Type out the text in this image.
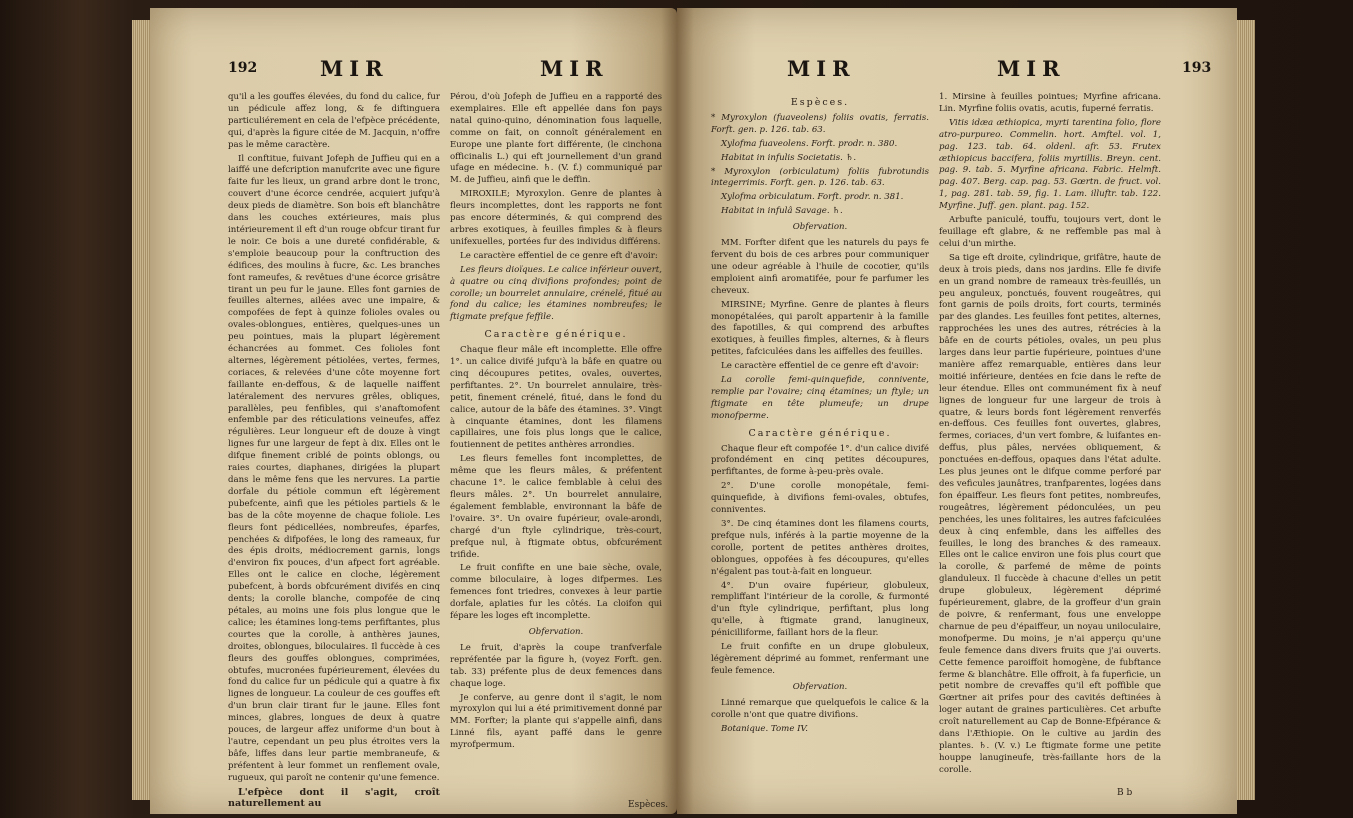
192	MIR	MIR

qu'il a les gouffes élevées, du fond du calice, fur un pédicule affez long, & fe diftinguera particuliérement en cela de l'efpèce précédente, qui, d'après la figure citée de M. Jacquin, n'offre pas le même caractère.

Il conftitue, fuivant Jofeph de Juffieu qui en a laiffé une defcription manufcrite avec une figure faite fur les lieux, un grand arbre dont le tronc, couvert d'une écorce cendrée, acquiert jufqu'à deux pieds de diamètre. Son bois eft blanchâtre dans les couches extérieures, mais plus intérieurement il eft d'un rouge obfcur tirant fur le noir. Ce bois a une dureté confidérable, & s'emploie beaucoup pour la conftruction des édifices, des moulins à fucre, &c. Les branches font rameufes, & revêtues d'une écorce grisâtre tirant un peu fur le jaune. Elles font garnies de feuilles alternes, ailées avec une impaire, & compofées de fept à quinze folioles ovales ou ovales-oblongues, entières, quelques-unes un peu pointues, mais la plupart légèrement échancrées au fommet. Ces folioles font alternes, légèrement pétiolées, vertes, fermes, coriaces, & relevées d'une côte moyenne fort faillante en-deffous, & de laquelle naiffent latéralement des nervures grêles, obliques, parallèles, peu fenfibles, qui s'anaftomofent enfemble par des réticulations veineufes, affez régulières. Leur longueur eft de douze à vingt lignes fur une largeur de fept à dix. Elles ont le difque finement criblé de points oblongs, ou raies courtes, diaphanes, dirigées la plupart dans le même fens que les nervures. La partie dorfale du pétiole commun eft légèrement pubefcente, ainfi que les pétioles partiels & le bas de la côte moyenne de chaque foliole. Les fleurs font pédicellées, nombreufes, éparfes, penchées & difpofées, le long des rameaux, fur des épis droits, médiocrement garnis, longs d'environ fix pouces, d'un afpect fort agréable. Elles ont le calice en cloche, légèrement pubefcent, à bords obfcurément divifés en cinq dents; la corolle blanche, compofée de cinq pétales, au moins une fois plus longue que le calice; les étamines long-tems perfiftantes, plus courtes que la corolle, à anthères jaunes, droites, oblongues, biloculaires. Il fuccède à ces fleurs des gouffes oblongues, comprimées, obtufes, mucronées fupérieurement, élevées du fond du calice fur un pédicule qui a quatre à fix lignes de longueur. La couleur de ces gouffes eft d'un brun clair tirant fur le jaune. Elles font minces, glabres, longues de deux à quatre pouces, de largeur affez uniforme d'un bout à l'autre, cependant un peu plus étroites vers la bâfe, liffes dans leur partie membraneufe, & préfentent à leur fommet un renflement ovale, rugueux, qui paroît ne contenir qu'une femence.

L'efpèce dont il s'agit, croît naturellement au

Pérou, d'où Jofeph de Juffieu en a rapporté des exemplaires. Elle eft appellée dans fon pays natal quino-quino, dénomination fous laquelle, comme on fait, on connoît généralement en Europe une plante fort différente, (le cinchona officinalis L.) qui eft journellement d'un grand ufage en médecine. ♄. (V. f.) communiqué par M. de Juffieu, ainfi que le deffin.

MIROXILE; Myroxylon. Genre de plantes à fleurs incomplettes, dont les rapports ne font pas encore déterminés, & qui comprend des arbres exotiques, à feuilles fimples & à fleurs unifexuelles, portées fur des individus différens.

Le caractère effentiel de ce genre eft d'avoir:

Les fleurs dioïques. Le calice inférieur ouvert, à quatre ou cinq divifions profondes; point de corolle; un bourrelet annulaire, crénelé, fitué au fond du calice; les étamines nombreufes; le ftigmate prefque feffile.

Caractère générique.

Chaque fleur mâle eft incomplette. Elle offre 1°. un calice divifé jufqu'à la bâfe en quatre ou cinq découpures petites, ovales, ouvertes, perfiftantes. 2°. Un bourrelet annulaire, très-petit, finement crénelé, fitué, dans le fond du calice, autour de la bâfe des étamines. 3°. Vingt à cinquante étamines, dont les filamens capillaires, une fois plus longs que le calice, foutiennent de petites anthères arrondies.

Les fleurs femelles font incomplettes, de même que les fleurs mâles, & préfentent chacune 1°. le calice femblable à celui des fleurs mâles. 2°. Un bourrelet annulaire, également femblable, environnant la bâfe de l'ovaire. 3°. Un ovaire fupérieur, ovale-arondi, chargé d'un ftyle cylindrique, très-court, prefque nul, à ftigmate obtus, obfcurément trifide.

Le fruit confifte en une baie sèche, ovale, comme biloculaire, à loges difpermes. Les femences font triedres, convexes à leur partie dorfale, aplaties fur les côtés. La cloifon qui fépare les loges eft incomplette.

Obfervation.

Le fruit, d'après la coupe tranfverfale repréfentée par la figure h, (voyez Forft. gen. tab. 33) préfente plus de deux femences dans chaque loge.

Je conferve, au genre dont il s'agit, le nom myroxylon qui lui a été primitivement donné par MM. Forfter; la plante qui s'appelle ainfi, dans Linné fils, ayant paffé dans le genre myrofpermum.

Espèces.
MIR	MIR	193

Espèces.

* Myroxylon (fuaveolens) foliis ovatis, ferratis. Forft. gen. p. 126. tab. 63.

Xylofma fuaveolens. Forft. prodr. n. 380.

Habitat in infulis Societatis. ♄.

* Myroxylon (orbiculatum) foliis fubrotundis integerrimis. Forft. gen. p. 126. tab. 63.

Xylofma orbiculatum. Forft. prodr. n. 381.

Habitat in infulâ Savage. ♄.

Obfervation.

MM. Forfter difent que les naturels du pays fe fervent du bois de ces arbres pour communiquer une odeur agréable à l'huile de cocotier, qu'ils emploient ainfi aromatifée, pour fe parfumer les cheveux.

MIRSINE; Myrfine. Genre de plantes à fleurs monopétalées, qui paroît appartenir à la famille des fapotilles, & qui comprend des arbuftes exotiques, à feuilles fimples, alternes, & à fleurs petites, fafciculées dans les aiffelles des feuilles.

Le caractère effentiel de ce genre eft d'avoir:

La corolle femi-quinquefide, connivente, remplie par l'ovaire; cinq étamines; un ftyle; un ftigmate en tête plumeufe; un drupe monofperme.

Caractère générique.

Chaque fleur eft compofée 1°. d'un calice divifé profondément en cinq petites découpures, perfiftantes, de forme à-peu-près ovale.

2°. D'une corolle monopétale, femi-quinquefide, à divifions femi-ovales, obtufes, conniventes.

3°. De cinq étamines dont les filamens courts, prefque nuls, inférés à la partie moyenne de la corolle, portent de petites anthères droites, oblongues, oppofées à fes découpures, qu'elles n'égalent pas tout-à-fait en longueur.

4°. D'un ovaire fupérieur, globuleux, rempliffant l'intérieur de la corolle, & furmonté d'un ftyle cylindrique, perfiftant, plus long qu'elle, à ftigmate grand, lanugineux, pénicilliforme, faillant hors de la fleur.

Le fruit confifte en un drupe globuleux, légèrement déprimé au fommet, renfermant une feule femence.

Obfervation.

Linné remarque que quelquefois le calice & la corolle n'ont que quatre divifions.

Botanique. Tome IV.

1. Mirsine à feuilles pointues; Myrfine africana. Lin. Myrfine foliis ovatis, acutis, fuperné ferratis.

Vitis idæa æthiopica, myrti tarentina folio, flore atro-purpureo. Commelin. hort. Amftel. vol. 1, pag. 123. tab. 64. oldenl. afr. 53. Frutex æthiopicus baccifera, foliis myrtillis. Breyn. cent. pag. 9. tab. 5. Myrfine africana. Fabric. Helmft. pag. 407. Berg. cap. pag. 53. Gœrtn. de fruct. vol. 1, pag. 281. tab. 59, fig. 1. Lam. illuftr. tab. 122. Myrfine. Juff. gen. plant. pag. 152.

Arbufte paniculé, touffu, toujours vert, dont le feuillage eft glabre, & ne reffemble pas mal à celui d'un mirthe.

Sa tige eft droite, cylindrique, grifâtre, haute de deux à trois pieds, dans nos jardins. Elle fe divife en un grand nombre de rameaux très-feuillés, un peu anguleux, ponctués, fouvent rougeâtres, qui font garnis de poils droits, fort courts, terminés par des glandes. Les feuilles font petites, alternes, rapprochées les unes des autres, rétrécies à la bâfe en de courts pétioles, ovales, un peu plus larges dans leur partie fupérieure, pointues d'une manière affez remarquable, entières dans leur moitié inférieure, dentées en fcie dans le refte de leur étendue. Elles ont communément fix à neuf lignes de longueur fur une largeur de trois à quatre, & leurs bords font légèrement renverfés en-deffous. Ces feuilles font ouvertes, glabres, fermes, coriaces, d'un vert fombre, & luifantes en-deffus, plus pâles, nervées obliquement, & ponctuées en-deffous, opaques dans l'état adulte. Les plus jeunes ont le difque comme perforé par des veficules jaunâtres, tranfparentes, logées dans fon épaiffeur. Les fleurs font petites, nombreufes, rougeâtres, légèrement pédonculées, un peu penchées, les unes folitaires, les autres fafciculées deux à cinq enfemble, dans les aiffelles des feuilles, le long des branches & des rameaux. Elles ont le calice environ une fois plus court que la corolle, & parfemé de même de points glanduleux. Il fuccède à chacune d'elles un petit drupe globuleux, légèrement déprimé fupérieurement, glabre, de la groffeur d'un grain de poivre, & renfermant, fous une enveloppe charnue de peu d'épaiffeur, un noyau uniloculaire, monofperme. Du moins, je n'ai apperçu qu'une feule femence dans divers fruits que j'ai ouverts. Cette femence paroiffoit homogène, de fubftance ferme & blanchâtre. Elle offroit, à fa fuperficie, un petit nombre de crevaffes qu'il eft poffible que Gœrtner ait prifes pour des cavités deftinées à loger autant de graines particulières. Cet arbufte croît naturellement au Cap de Bonne-Efpérance & dans l'Æthiopie. On le cultive au jardin des plantes. ♄. (V. v.) Le ftigmate forme une petite houppe lanugineufe, très-faillante hors de la corolle.

B b
